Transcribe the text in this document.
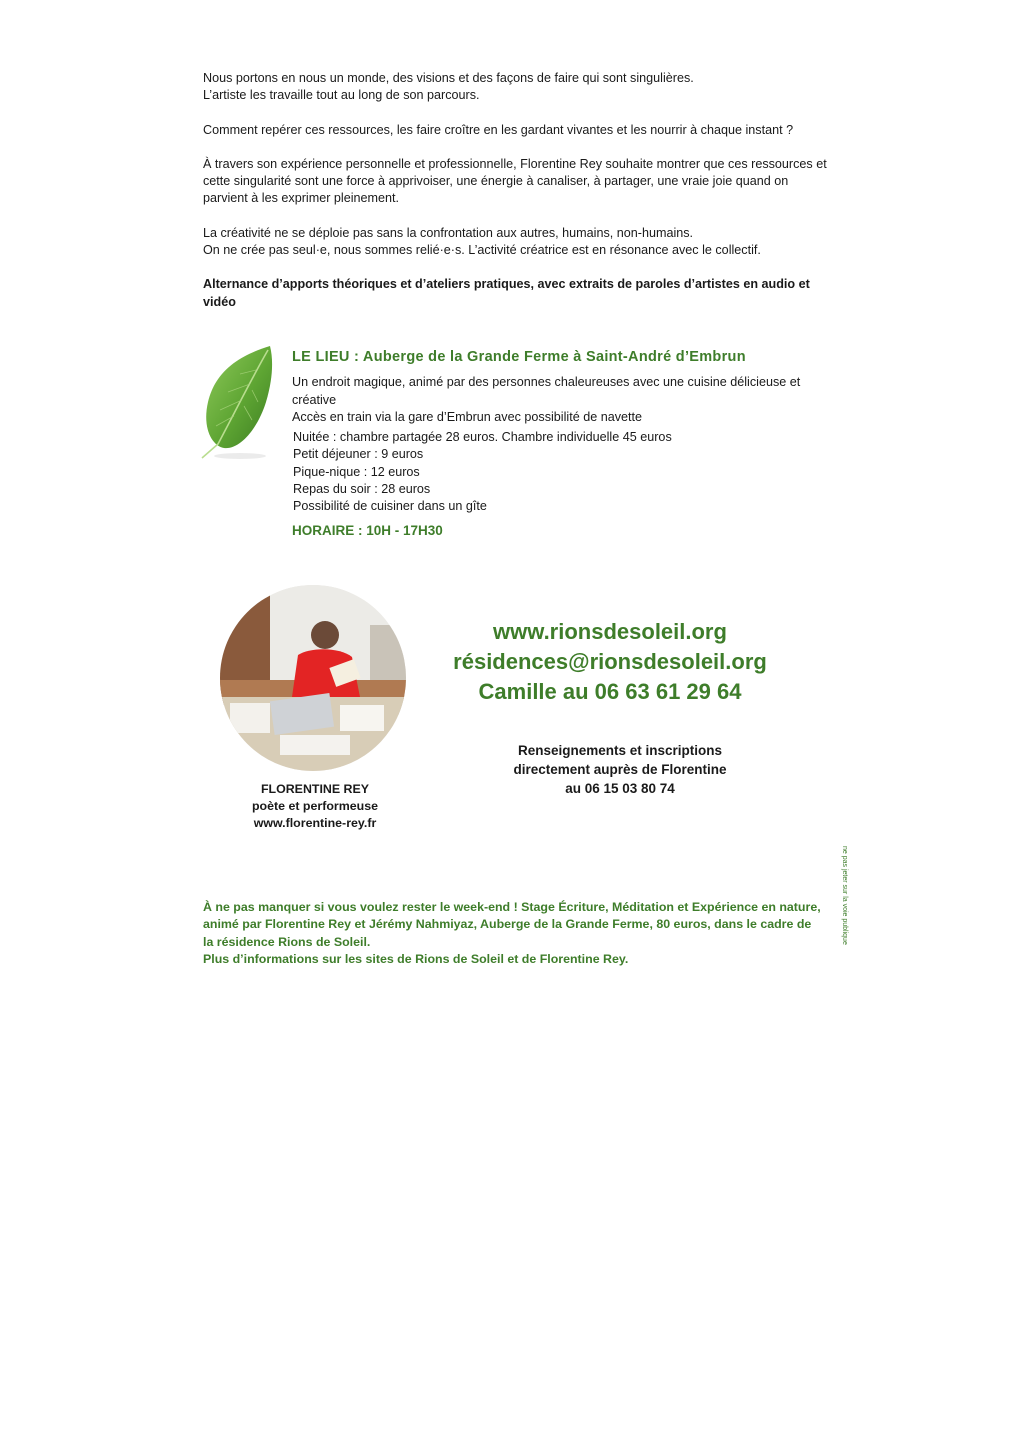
Nous portons en nous un monde, des visions et des façons de faire qui sont singulières.
L’artiste les travaille tout au long de son parcours.

Comment repérer ces ressources, les faire croître en les gardant vivantes et les nourrir à chaque instant ?

À travers son expérience personnelle et professionnelle, Florentine Rey souhaite montrer que ces ressources et cette singularité sont une force à apprivoiser, une énergie à canaliser, à partager, une vraie joie quand on parvient à les exprimer pleinement.

La créativité ne se déploie pas sans la confrontation aux autres, humains, non-humains.
On ne crée pas seul·e, nous sommes relié·e·s. L’activité créatrice est en résonance avec le collectif.

Alternance d’apports théoriques et d’ateliers pratiques, avec extraits de paroles d’artistes en audio et vidéo

LE LIEU : Auberge de la Grande Ferme à Saint-André d’Embrun

Un endroit magique, animé par des personnes chaleureuses avec une cuisine délicieuse et créative

Accès en train via la gare d’Embrun avec possibilité de navette

Nuitée : chambre partagée 28 euros. Chambre individuelle 45 euros
Petit déjeuner : 9 euros
Pique-nique : 12 euros
Repas du soir : 28 euros
Possibilité de cuisiner dans un gîte
HORAIRE : 10H - 17H30
FLORENTINE REY
poète et performeuse
www.florentine-rey.fr
www.rionsdesoleil.org
résidences@rionsdesoleil.org
Camille au 06 63 61 29 64
Renseignements et inscriptions
directement auprès de Florentine
au 06 15 03 80 74
ne pas jeter sur la voie publique

À ne pas manquer si vous voulez rester le week-end ! Stage Écriture, Méditation et Expérience en nature, animé par Florentine Rey et Jérémy Nahmiyaz, Auberge de la Grande Ferme, 80 euros, dans le cadre de la résidence Rions de Soleil.

Plus d’informations sur les sites de Rions de Soleil et de Florentine Rey.
